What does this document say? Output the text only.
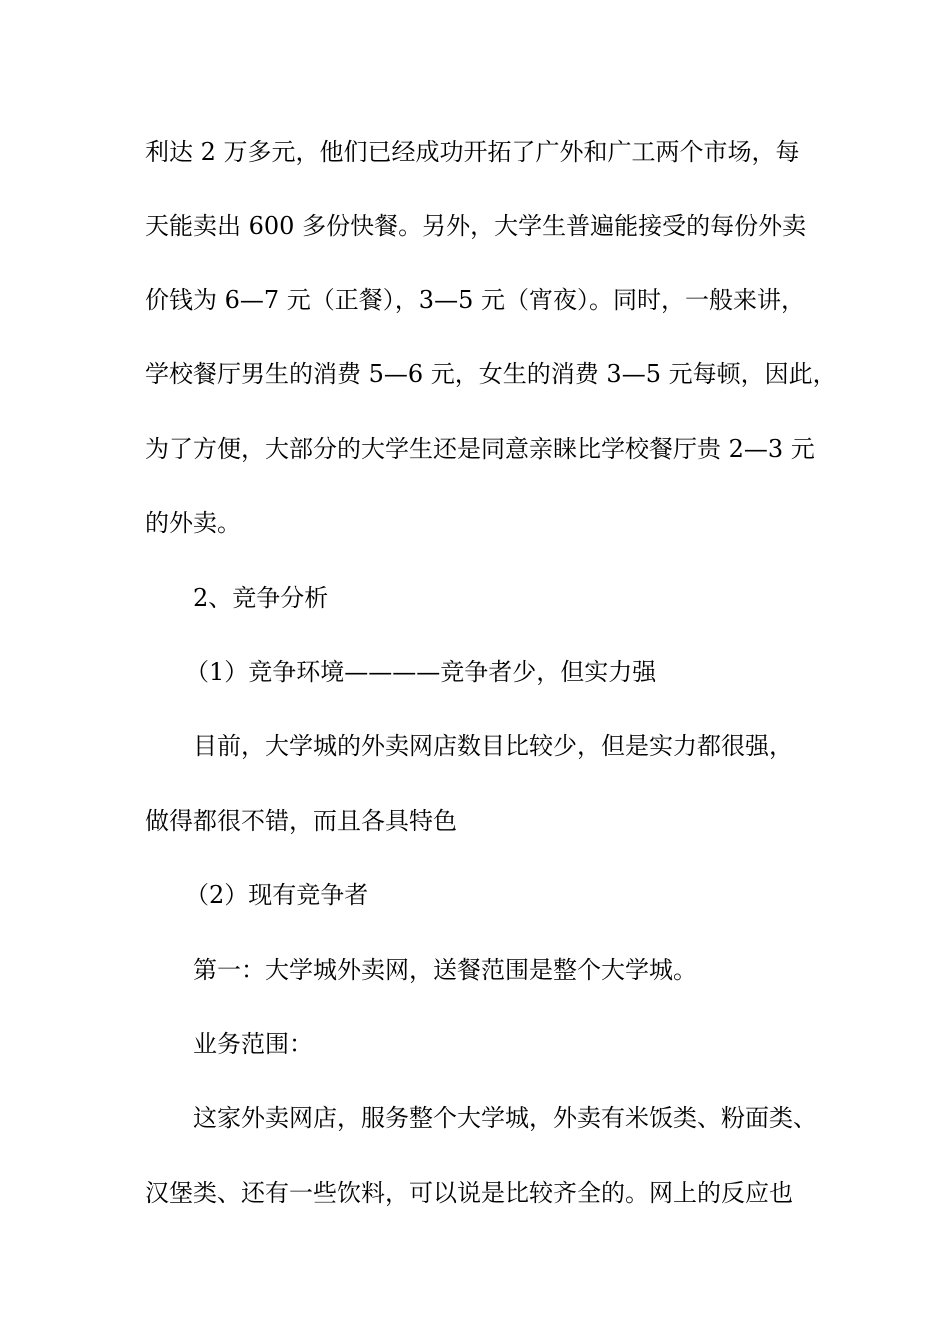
利达 2 万多元，他们已经成功开拓了广外和广工两个市场，每
天能卖出 600 多份快餐。另外，大学生普遍能接受的每份外卖
价钱为 6—7 元（正餐），3—5 元（宵夜）。同时，一般来讲，
学校餐厅男生的消费 5—6 元，女生的消费 3—5 元每顿，因此，
为了方便，大部分的大学生还是同意亲睐比学校餐厅贵 2—3 元
的外卖。
2、竞争分析
（1）竞争环境————竞争者少，但实力强
目前，大学城的外卖网店数目比较少，但是实力都很强，
做得都很不错，而且各具特色
（2）现有竞争者
第一：大学城外卖网，送餐范围是整个大学城。
业务范围：
这家外卖网店，服务整个大学城，外卖有米饭类、粉面类、
汉堡类、还有一些饮料，可以说是比较齐全的。网上的反应也
